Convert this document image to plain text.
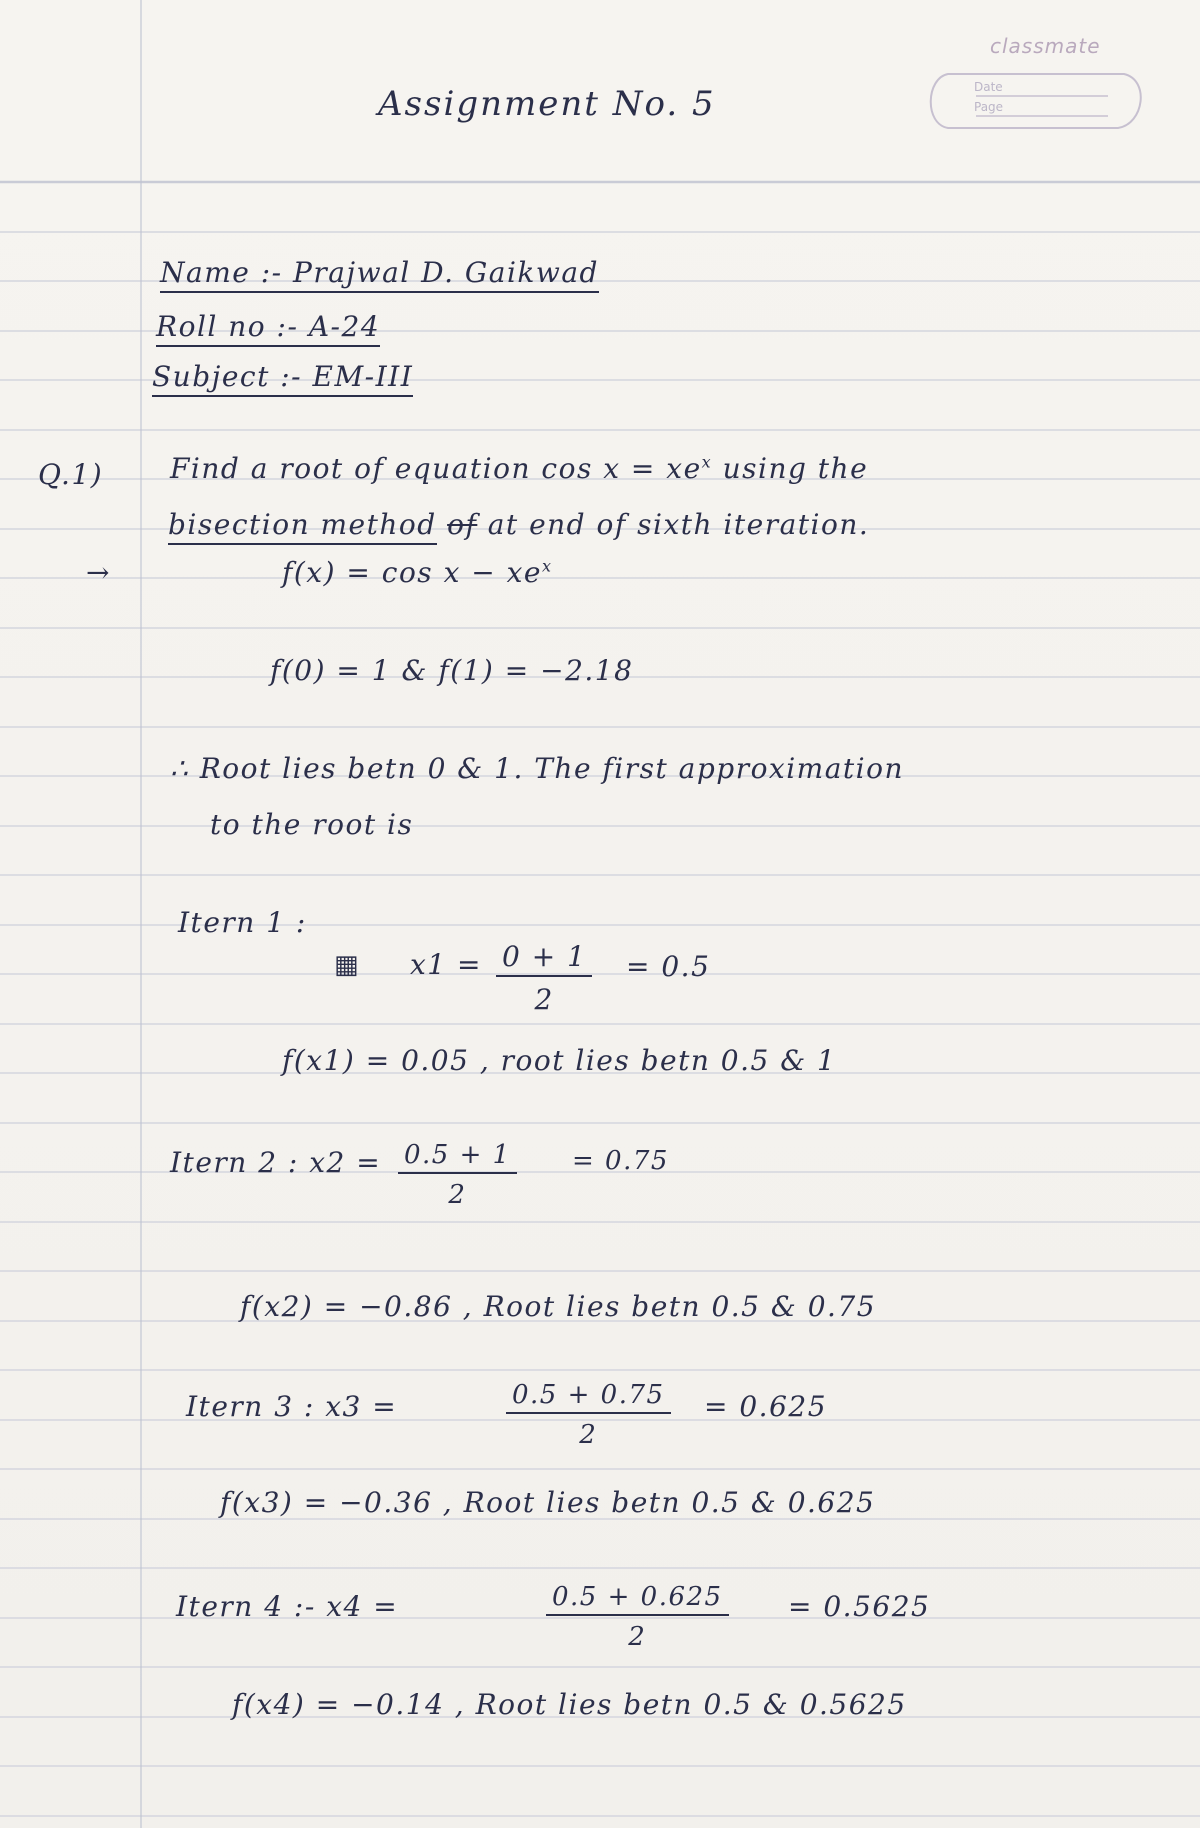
classmate
Date
Page
Assignment No. 5
Name :- Prajwal D. Gaikwad
Roll no :- A-24
Subject :- EM-III
Q.1) Find a root of equation $\cos x = xe^x$ using the
bisection method of at end of sixth iteration.
→	$f(x) = \cos x - xe^x$
f(0) = 1 & f(1) = −2.18
∴ Root lies betn 0 & 1. The first approximation
to the root is
Itern 1 :
▦ $x1 = \frac{0 + 1}{2} = 0.5$
f(x1) = 0.05 , root lies betn 0.5 & 1
Itern 2 : $x2 = \frac{0.5 + 1}{2} = 0.75$
f(x2) = −0.86 , Root lies betn 0.5 & 0.75
Itern 3 : x3 =	$\frac{0.5 + 0.75}{2} = 0.625$
f(x3) = −0.36 , Root lies betn 0.5 & 0.625
Itern 4 :- x4 =	$\frac{0.5 + 0.625}{2} = 0.5625$
f(x4) = −0.14 , Root lies betn 0.5 & 0.5625
